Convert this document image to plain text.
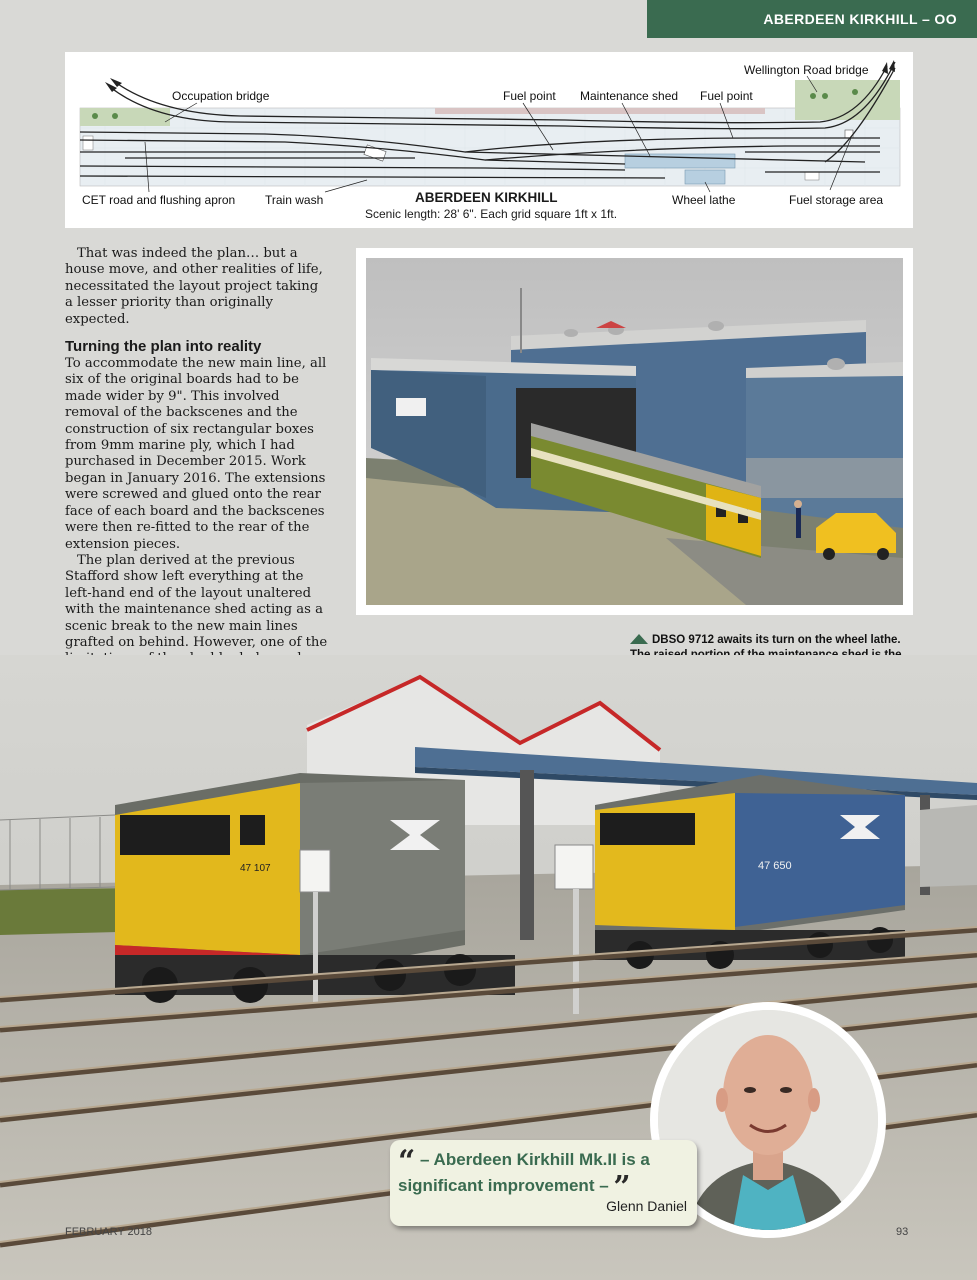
ABERDEEN KIRKHILL – OO
Occupation bridge	Fuel point Maintenance shed Fuel point
Wellington Road bridge
CET road and flushing apron Train wash	Wheel lathe	Fuel storage area
ABERDEEN KIRKHILL
Scenic length: 28' 6". Each grid square 1ft x 1ft.

That was indeed the plan… but a house move, and other realities of life, necessitated the layout project taking a lesser priority than originally expected.

Turning the plan into reality

To accommodate the new main line, all six of the original boards had to be made wider by 9". This involved removal of the backscenes and the construction of six rectangular boxes from 9mm marine ply, which I had purchased in December 2015. Work began in January 2016. The extensions were screwed and glued onto the rear face of each board and the backscenes were then re-fitted to the rear of the extension pieces.

The plan derived at the previous Stafford show left everything at the left-hand end of the layout unaltered with the maintenance shed acting as a scenic break to the new main lines grafted on behind. However, one of the	DBSO 9712 awaits its turn on the wheel lathe.
47 107	47 650
“ – Aberdeen Kirkhill Mk.II is a significant improvement – ”
Glenn Daniel
FEBRUARY 2018	93
